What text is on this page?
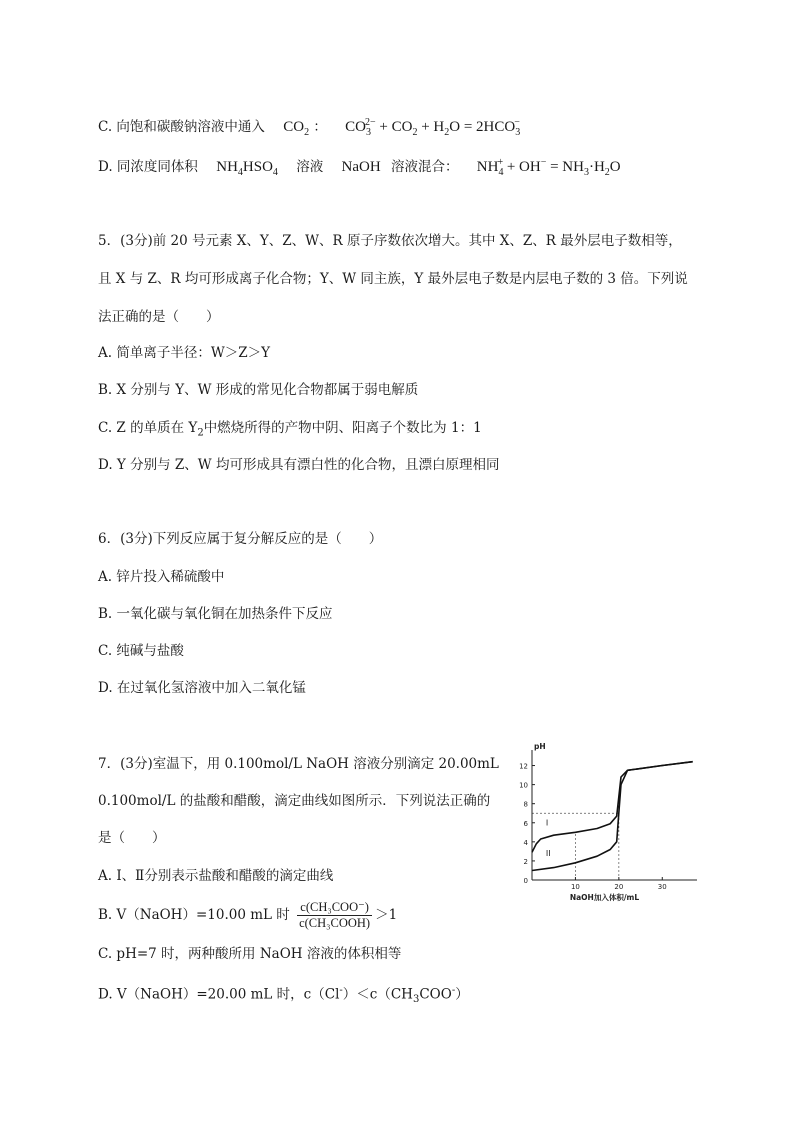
C. 向饱和碳酸钠溶液中通入 $CO_2$ ： $CO_3^{2-} + CO_2 + H_2O = 2HCO_3^-$
D. 同浓度同体积 $NH_4HSO_4$ 溶液 NaOH 溶液混合： $NH_4^+ + OH^- = NH_3\cdot H_2O$
5．(3分)前 20 号元素 X、Y、Z、W、R 原子序数依次增大。其中 X、Z、R 最外层电子数相等，
且 X 与 Z、R 均可形成离子化合物；Y、W 同主族，Y 最外层电子数是内层电子数的 3 倍。下列说
法正确的是（　　）
A. 简单离子半径：W＞Z＞Y
B. X 分别与 Y、W 形成的常见化合物都属于弱电解质
C. Z 的单质在 $Y_2$中燃烧所得的产物中阴、阳离子个数比为 1：1
D. Y 分别与 Z、W 均可形成具有漂白性的化合物，且漂白原理相同
6．(3分)下列反应属于复分解反应的是（　　）
A. 锌片投入稀硫酸中
B. 一氧化碳与氧化铜在加热条件下反应
C. 纯碱与盐酸
D. 在过氧化氢溶液中加入二氧化锰
7．(3分)室温下，用 0.100mol/L NaOH 溶液分别滴定 20.00mL
0.100mol/L 的盐酸和醋酸，滴定曲线如图所示．下列说法正确的
是（　　）
A. Ⅰ、Ⅱ分别表示盐酸和醋酸的滴定曲线
B. V（NaOH）=10.00 mL 时 $\frac{\text{c(CH₃COO⁻)}}{\text{c(CH₃COOH)}} >1$
C. pH=7 时，两种酸所用 NaOH 溶液的体积相等
D. V（NaOH）=20.00 mL 时，$c(Cl^-)<c(CH_3COO^-)$
0
2
4
6
8
10
12
10	20	30
pH
NaOH加入体积/mL
I
II
